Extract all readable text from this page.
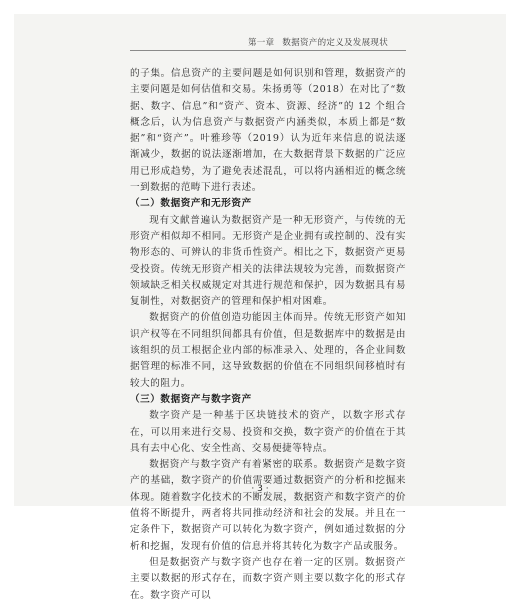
第一章 数据资产的定义及发展现状

的子集。信息资产的主要问题是如何识别和管理，数据资产的主要问题是如何估值和交易。朱扬勇等（2018）在对比了“数据、数字、信息”和“资产、资本、资源、经济”的 12 个组合概念后，认为信息资产与数据资产内涵类似，本质上都是“数据”和“资产”。叶雅珍等（2019）认为近年来信息的说法逐渐减少，数据的说法逐渐增加，在大数据背景下数据的广泛应用已形成趋势，为了避免表述混乱，可以将内涵相近的概念统一到数据的范畴下进行表述。

（二）数据资产和无形资产

现有文献普遍认为数据资产是一种无形资产，与传统的无形资产相似却不相同。无形资产是企业拥有或控制的、没有实物形态的、可辨认的非货币性资产。相比之下，数据资产更易受投资。传统无形资产相关的法律法规较为完善，而数据资产领域缺乏相关权威规定对其进行规范和保护，因为数据具有易复制性，对数据资产的管理和保护相对困难。

数据资产的价值创造功能因主体而异。传统无形资产如知识产权等在不同组织间都具有价值，但是数据库中的数据是由该组织的员工根据企业内部的标准录入、处理的，各企业间数据管理的标准不同，这导致数据的价值在不同组织间移植时有较大的阻力。

（三）数据资产与数字资产

数字资产是一种基于区块链技术的资产，以数字形式存在，可以用来进行交易、投资和交换，数字资产的价值在于其具有去中心化、安全性高、交易便捷等特点。

数据资产与数字资产有着紧密的联系。数据资产是数字资产的基础，数字资产的价值需要通过数据资产的分析和挖掘来体现。随着数字化技术的不断发展，数据资产和数字资产的价值将不断提升，两者将共同推动经济和社会的发展。并且在一定条件下，数据资产可以转化为数字资产，例如通过数据的分析和挖掘，发现有价值的信息并将其转化为数字产品或服务。

但是数据资产与数字资产也存在着一定的区别。数据资产主要以数据的形式存在，而数字资产则主要以数字化的形式存在。数字资产可以

· 3 ·
